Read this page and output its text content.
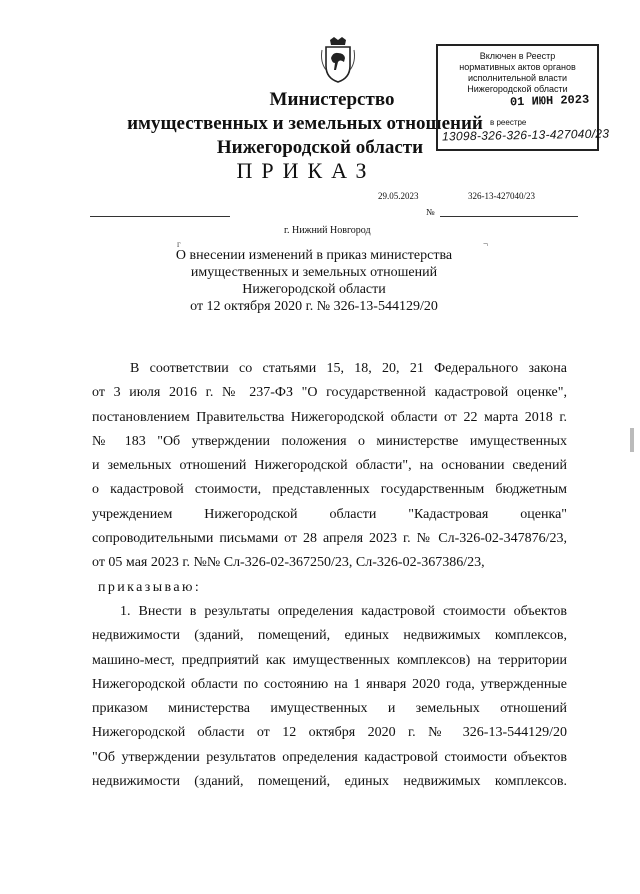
Министерство
имущественных и земельных отношений
Нижегородской области
Включен в Реестр
нормативных актов органов
исполнительной власти
Нижегородской области
01 ИЮН 2023
в реестре
13098-326-326-13-427040/23
ПРИКАЗ
29.05.2023	326-13-427040/23
№
г. Нижний Новгород
г	¬
О внесении изменений в приказ министерства
имущественных и земельных отношений
Нижегородской области
от 12 октября 2020 г. № 326-13-544129/20
В соответствии со статьями 15, 18, 20, 21 Федерального закона
от 3 июля 2016 г. № 237-ФЗ "О государственной кадастровой оценке",
постановлением Правительства Нижегородской области от 22 марта 2018 г.
№ 183 "Об утверждении положения о министерстве имущественных
и земельных отношений Нижегородской области", на основании сведений
о кадастровой стоимости, представленных государственным бюджетным
учреждением Нижегородской области "Кадастровая оценка"
сопроводительными письмами от 28 апреля 2023 г. № Сл-326-02-347876/23,
от 05 мая 2023 г. №№ Сл-326-02-367250/23, Сл-326-02-367386/23,
приказываю:
1. Внести в результаты определения кадастровой стоимости объектов
недвижимости (зданий, помещений, единых недвижимых комплексов,
машино-мест, предприятий как имущественных комплексов) на территории
Нижегородской области по состоянию на 1 января 2020 года, утвержденные
приказом министерства имущественных и земельных отношений
Нижегородской области от 12 октября 2020 г. № 326-13-544129/20
"Об утверждении результатов определения кадастровой стоимости объектов
недвижимости (зданий, помещений, единых недвижимых комплексов.
